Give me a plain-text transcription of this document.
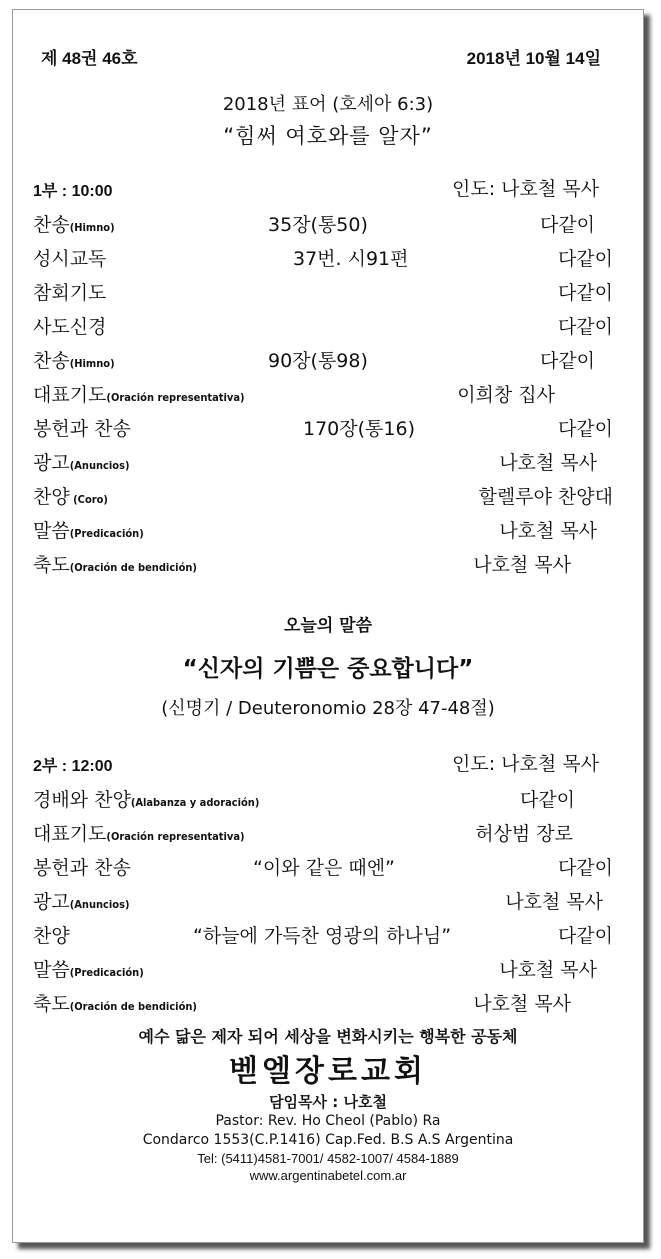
제 48권 46호	2018년 10월 14일
2018년 표어 (호세아 6:3)
“힘써 여호와를 알자”
1부 : 10:00	인도: 나호철 목사
찬송(Himno)	35장(통50)	다같이
성시교독	37번. 시91편	다같이
참회기도	다같이
사도신경	다같이
찬송(Himno)	90장(통98)	다같이
대표기도(Oración representativa)	이희창 집사
봉헌과 찬송	170장(통16)	다같이
광고(Anuncios)	나호철 목사
찬양 (Coro)	할렐루야 찬양대
말씀(Predicación)	나호철 목사
축도(Oración de bendición)	나호철 목사
오늘의 말씀
“신자의 기쁨은 중요합니다”
(신명기 / Deuteronomio 28장 47-48절)
2부 : 12:00	인도: 나호철 목사
경배와 찬양(Alabanza y adoración)	다같이
대표기도(Oración representativa)	허상범 장로
봉헌과 찬송	“이와 같은 때엔”	다같이
광고(Anuncios)	나호철 목사
찬양	“하늘에 가득찬 영광의 하나님”	다같이
말씀(Predicación)	나호철 목사
축도(Oración de bendición)	나호철 목사
예수 닮은 제자 되어 세상을 변화시키는 행복한 공동체
벧엘장로교회
담임목사 : 나호철
Pastor: Rev. Ho Cheol (Pablo) Ra
Condarco 1553(C.P.1416) Cap.Fed. B.S A.S Argentina
Tel: (5411)4581-7001/ 4582-1007/ 4584-1889
www.argentinabetel.com.ar
